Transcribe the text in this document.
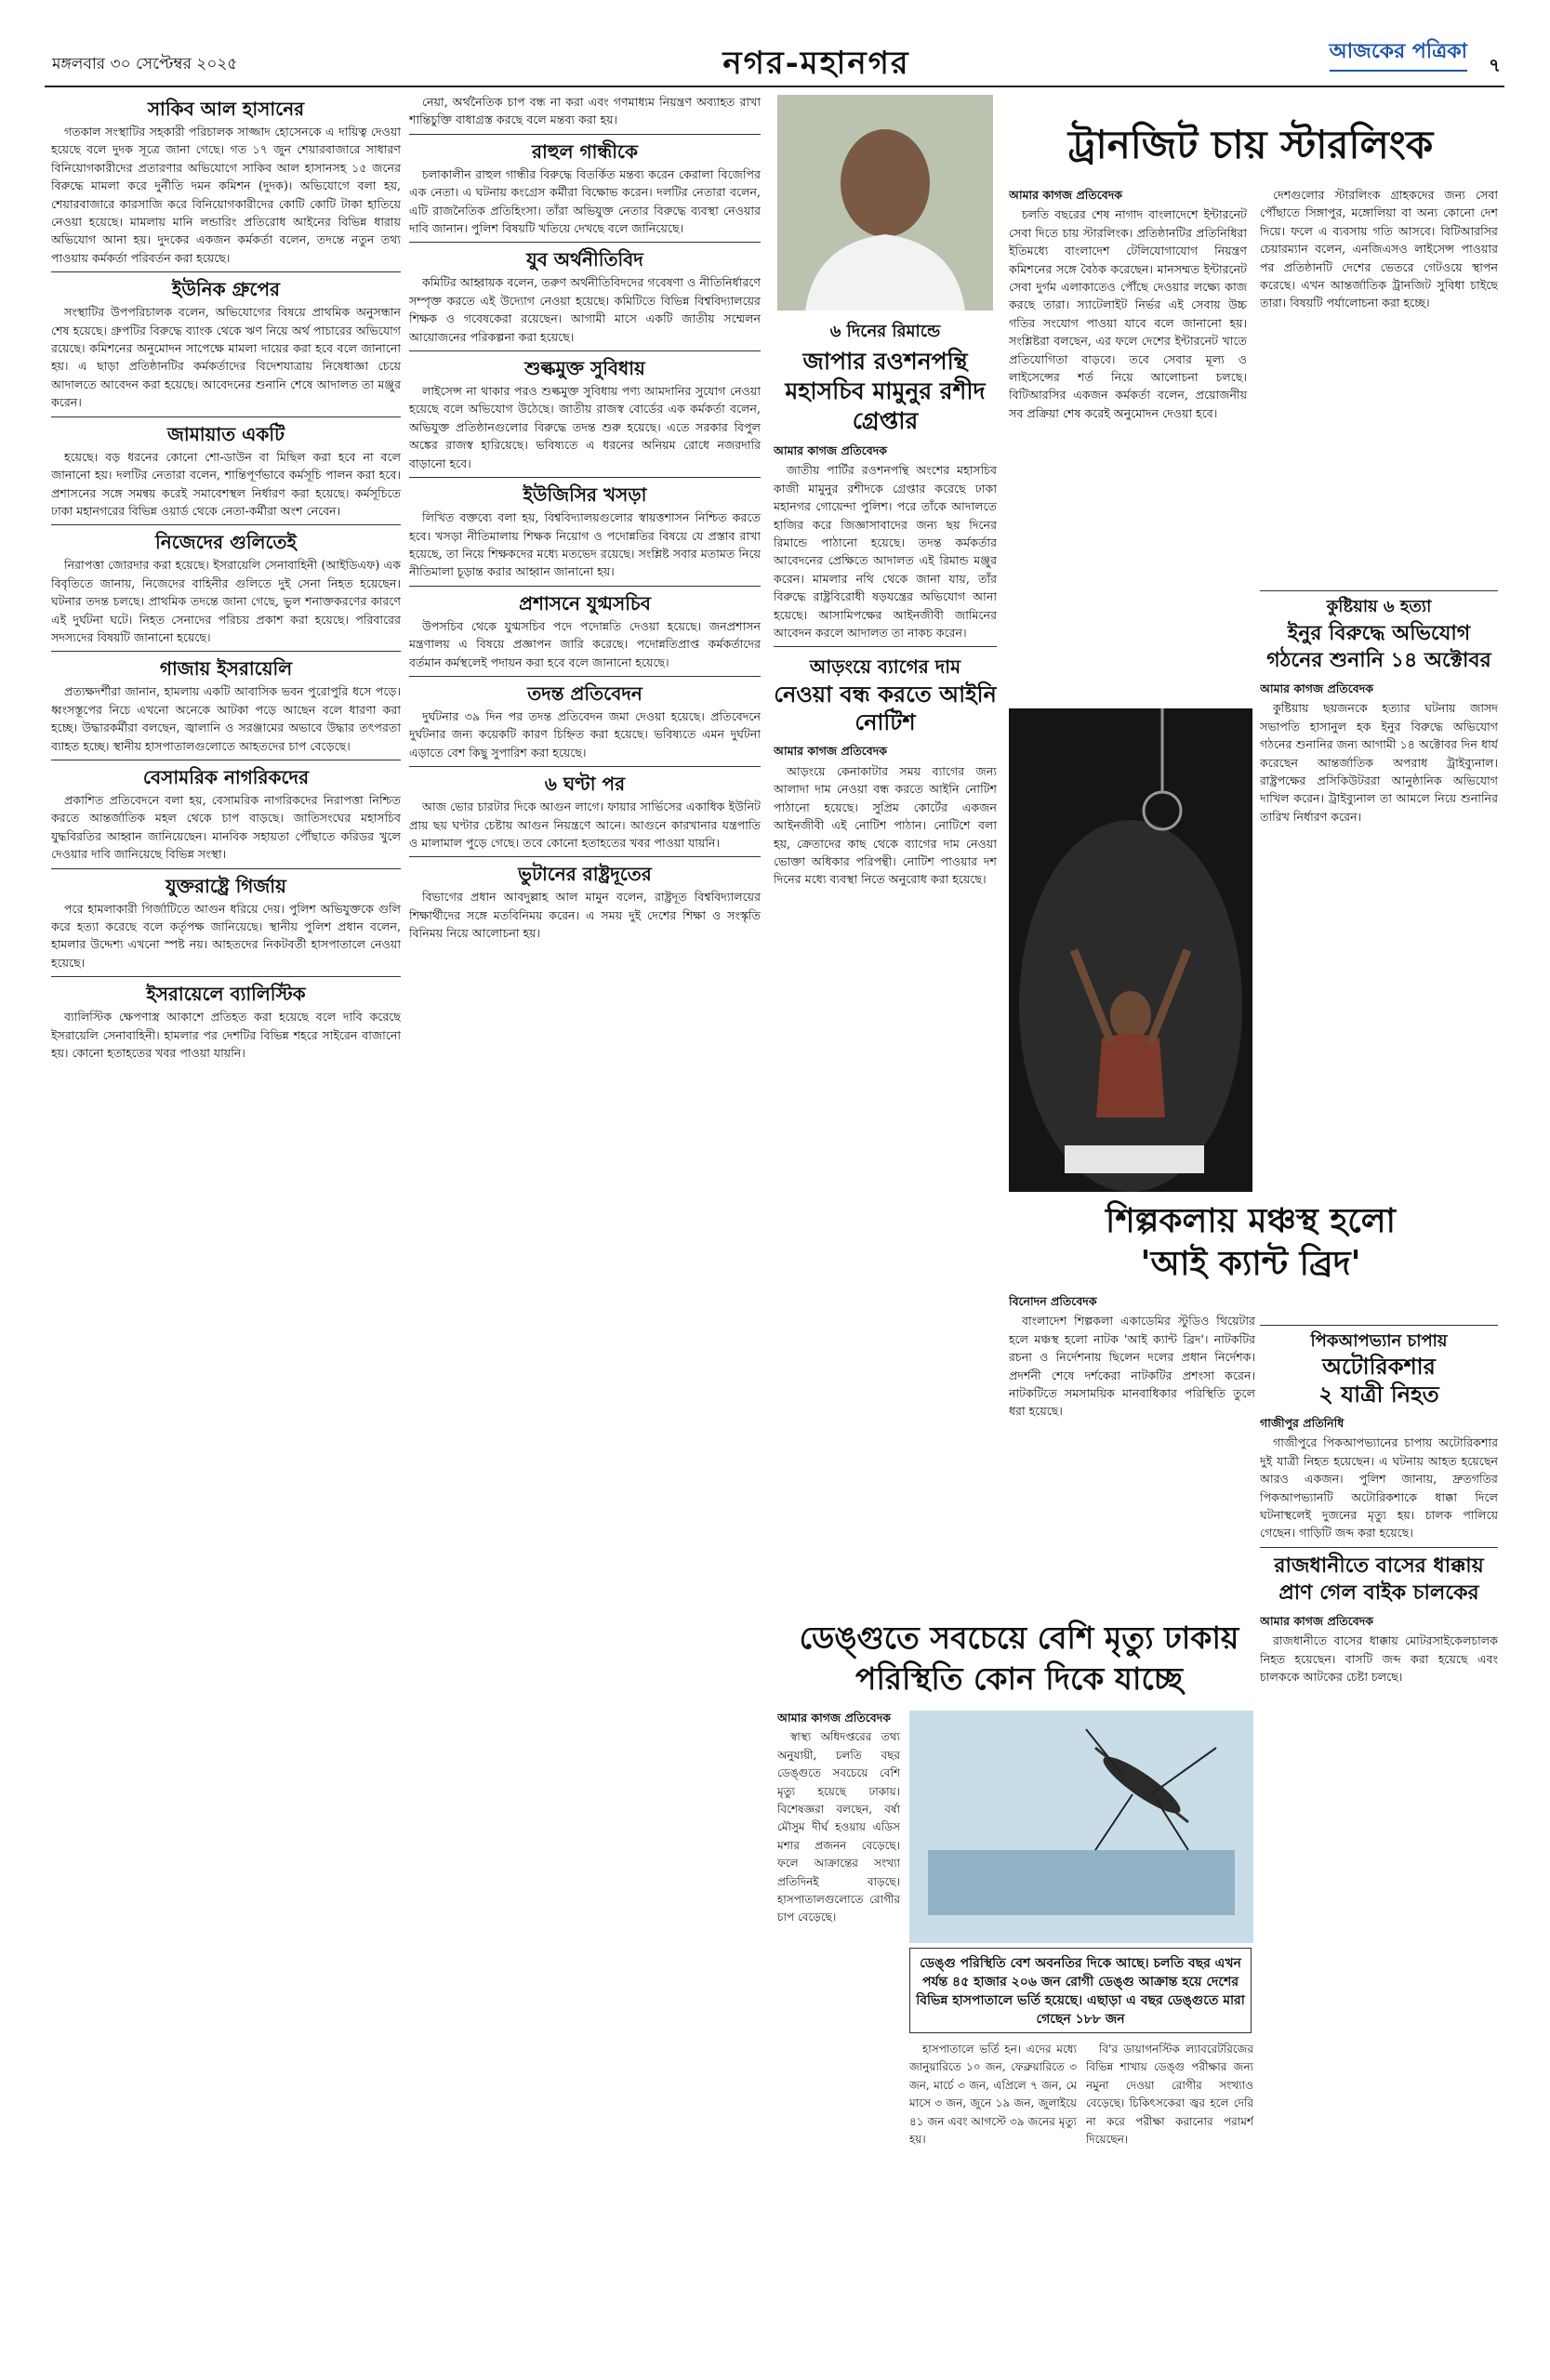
মঙ্গলবার ৩০ সেপ্টেম্বর ২০২৫	নগর-মহানগর	আজকের পত্রিকা
৭
সাকিব আল হাসানের

গতকাল সংস্থাটির সহকারী পরিচালক সাজ্জাদ হোসেনকে এ দায়িত্ব দেওয়া হয়েছে বলে দুদক সূত্রে জানা গেছে। গত ১৭ জুন শেয়ারবাজারে সাধারণ বিনিয়োগকারীদের প্রতারণার অভিযোগে সাকিব আল হাসানসহ ১৫ জনের বিরুদ্ধে মামলা করে দুর্নীতি দমন কমিশন (দুদক)। অভিযোগে বলা হয়, শেয়ারবাজারে কারসাজি করে বিনিয়োগকারীদের কোটি কোটি টাকা হাতিয়ে নেওয়া হয়েছে। মামলায় মানি লন্ডারিং প্রতিরোধ আইনের বিভিন্ন ধারায় অভিযোগ আনা হয়। দুদকের একজন কর্মকর্তা বলেন, তদন্তে নতুন তথ্য পাওয়ায় কর্মকর্তা পরিবর্তন করা হয়েছে।

ইউনিক গ্রুপের

সংস্থাটির উপপরিচালক বলেন, অভিযোগের বিষয়ে প্রাথমিক অনুসন্ধান শেষ হয়েছে। গ্রুপটির বিরুদ্ধে ব্যাংক থেকে ঋণ নিয়ে অর্থ পাচারের অভিযোগ রয়েছে। কমিশনের অনুমোদন সাপেক্ষে মামলা দায়ের করা হবে বলে জানানো হয়। এ ছাড়া প্রতিষ্ঠানটির কর্মকর্তাদের বিদেশযাত্রায় নিষেধাজ্ঞা চেয়ে আদালতে আবেদন করা হয়েছে। আবেদনের শুনানি শেষে আদালত তা মঞ্জুর করেন।

জামায়াত একটি

হয়েছে। বড় ধরনের কোনো শো-ডাউন বা মিছিল করা হবে না বলে জানানো হয়। দলটির নেতারা বলেন, শান্তিপূর্ণভাবে কর্মসূচি পালন করা হবে। প্রশাসনের সঙ্গে সমন্বয় করেই সমাবেশস্থল নির্ধারণ করা হয়েছে। কর্মসূচিতে ঢাকা মহানগরের বিভিন্ন ওয়ার্ড থেকে নেতা-কর্মীরা অংশ নেবেন।

নিজেদের গুলিতেই

নিরাপত্তা জোরদার করা হয়েছে। ইসরায়েলি সেনাবাহিনী (আইডিএফ) এক বিবৃতিতে জানায়, নিজেদের বাহিনীর গুলিতে দুই সেনা নিহত হয়েছেন। ঘটনার তদন্ত চলছে। প্রাথমিক তদন্তে জানা গেছে, ভুল শনাক্তকরণের কারণে এই দুর্ঘটনা ঘটে। নিহত সেনাদের পরিচয় প্রকাশ করা হয়েছে। পরিবারের সদস্যদের বিষয়টি জানানো হয়েছে।

গাজায় ইসরায়েলি

প্রত্যক্ষদর্শীরা জানান, হামলায় একটি আবাসিক ভবন পুরোপুরি ধসে পড়ে। ধ্বংসস্তূপের নিচে এখনো অনেকে আটকা পড়ে আছেন বলে ধারণা করা হচ্ছে। উদ্ধারকর্মীরা বলছেন, জ্বালানি ও সরঞ্জামের অভাবে উদ্ধার তৎপরতা ব্যাহত হচ্ছে। স্থানীয় হাসপাতালগুলোতে আহতদের চাপ বেড়েছে।

বেসামরিক নাগরিকদের

প্রকাশিত প্রতিবেদনে বলা হয়, বেসামরিক নাগরিকদের নিরাপত্তা নিশ্চিত করতে আন্তর্জাতিক মহল থেকে চাপ বাড়ছে। জাতিসংঘের মহাসচিব যুদ্ধবিরতির আহ্বান জানিয়েছেন। মানবিক সহায়তা পৌঁছাতে করিডর খুলে দেওয়ার দাবি জানিয়েছে বিভিন্ন সংস্থা।

যুক্তরাষ্ট্রে গির্জায়

পরে হামলাকারী গির্জাটিতে আগুন ধরিয়ে দেয়। পুলিশ অভিযুক্তকে গুলি করে হত্যা করেছে বলে কর্তৃপক্ষ জানিয়েছে। স্থানীয় পুলিশ প্রধান বলেন, হামলার উদ্দেশ্য এখনো স্পষ্ট নয়। আহতদের নিকটবর্তী হাসপাতালে নেওয়া হয়েছে।

ইসরায়েলে ব্যালিস্টিক

ব্যালিস্টিক ক্ষেপণাস্ত্র আকাশে প্রতিহত করা হয়েছে বলে দাবি করেছে ইসরায়েলি সেনাবাহিনী। হামলার পর দেশটির বিভিন্ন শহরে সাইরেন বাজানো হয়। কোনো হতাহতের খবর পাওয়া যায়নি।

নেয়া, অর্থনৈতিক চাপ বন্ধ না করা এবং গণমাধ্যম নিয়ন্ত্রণ অব্যাহত রাখা শান্তিচুক্তি বাধাগ্রস্ত করছে বলে মন্তব্য করা হয়।

রাহুল গান্ধীকে

চলাকালীন রাহুল গান্ধীর বিরুদ্ধে বিতর্কিত মন্তব্য করেন কেরালা বিজেপির এক নেতা। এ ঘটনায় কংগ্রেস কর্মীরা বিক্ষোভ করেন। দলটির নেতারা বলেন, এটি রাজনৈতিক প্রতিহিংসা। তাঁরা অভিযুক্ত নেতার বিরুদ্ধে ব্যবস্থা নেওয়ার দাবি জানান। পুলিশ বিষয়টি খতিয়ে দেখছে বলে জানিয়েছে।

যুব অর্থনীতিবিদ

কমিটির আহ্বায়ক বলেন, তরুণ অর্থনীতিবিদদের গবেষণা ও নীতিনির্ধারণে সম্পৃক্ত করতে এই উদ্যোগ নেওয়া হয়েছে। কমিটিতে বিভিন্ন বিশ্ববিদ্যালয়ের শিক্ষক ও গবেষকেরা রয়েছেন। আগামী মাসে একটি জাতীয় সম্মেলন আয়োজনের পরিকল্পনা করা হয়েছে।

শুল্কমুক্ত সুবিধায়

লাইসেন্স না থাকার পরও শুল্কমুক্ত সুবিধায় পণ্য আমদানির সুযোগ নেওয়া হয়েছে বলে অভিযোগ উঠেছে। জাতীয় রাজস্ব বোর্ডের এক কর্মকর্তা বলেন, অভিযুক্ত প্রতিষ্ঠানগুলোর বিরুদ্ধে তদন্ত শুরু হয়েছে। এতে সরকার বিপুল অঙ্কের রাজস্ব হারিয়েছে। ভবিষ্যতে এ ধরনের অনিয়ম রোধে নজরদারি বাড়ানো হবে।

ইউজিসির খসড়া

লিখিত বক্তব্যে বলা হয়, বিশ্ববিদ্যালয়গুলোর স্বায়ত্তশাসন নিশ্চিত করতে হবে। খসড়া নীতিমালায় শিক্ষক নিয়োগ ও পদোন্নতির বিষয়ে যে প্রস্তাব রাখা হয়েছে, তা নিয়ে শিক্ষকদের মধ্যে মতভেদ রয়েছে। সংশ্লিষ্ট সবার মতামত নিয়ে নীতিমালা চূড়ান্ত করার আহ্বান জানানো হয়।

প্রশাসনে যুগ্মসচিব

উপসচিব থেকে যুগ্মসচিব পদে পদোন্নতি দেওয়া হয়েছে। জনপ্রশাসন মন্ত্রণালয় এ বিষয়ে প্রজ্ঞাপন জারি করেছে। পদোন্নতিপ্রাপ্ত কর্মকর্তাদের বর্তমান কর্মস্থলেই পদায়ন করা হবে বলে জানানো হয়েছে।

তদন্ত প্রতিবেদন

দুর্ঘটনার ৩৯ দিন পর তদন্ত প্রতিবেদন জমা দেওয়া হয়েছে। প্রতিবেদনে দুর্ঘটনার জন্য কয়েকটি কারণ চিহ্নিত করা হয়েছে। ভবিষ্যতে এমন দুর্ঘটনা এড়াতে বেশ কিছু সুপারিশ করা হয়েছে।

৬ ঘণ্টা পর

আজ ভোর চারটার দিকে আগুন লাগে। ফায়ার সার্ভিসের একাধিক ইউনিট প্রায় ছয় ঘণ্টার চেষ্টায় আগুন নিয়ন্ত্রণে আনে। আগুনে কারখানার যন্ত্রপাতি ও মালামাল পুড়ে গেছে। তবে কোনো হতাহতের খবর পাওয়া যায়নি।

ভুটানের রাষ্ট্রদূতের

বিভাগের প্রধান আবদুল্লাহ আল মামুন বলেন, রাষ্ট্রদূত বিশ্ববিদ্যালয়ের শিক্ষার্থীদের সঙ্গে মতবিনিময় করেন। এ সময় দুই দেশের শিক্ষা ও সংস্কৃতি বিনিময় নিয়ে আলোচনা হয়।

৬ দিনের রিমান্ডে
জাপার রওশনপন্থি মহাসচিব মামুনুর রশীদ গ্রেপ্তার

আমার কাগজ প্রতিবেদক

জাতীয় পার্টির রওশনপন্থি অংশের মহাসচিব কাজী মামুনুর রশীদকে গ্রেপ্তার করেছে ঢাকা মহানগর গোয়েন্দা পুলিশ। পরে তাঁকে আদালতে হাজির করে জিজ্ঞাসাবাদের জন্য ছয় দিনের রিমান্ডে পাঠানো হয়েছে। তদন্ত কর্মকর্তার আবেদনের প্রেক্ষিতে আদালত এই রিমান্ড মঞ্জুর করেন। মামলার নথি থেকে জানা যায়, তাঁর বিরুদ্ধে রাষ্ট্রবিরোধী ষড়যন্ত্রের অভিযোগ আনা হয়েছে। আসামিপক্ষের আইনজীবী জামিনের আবেদন করলে আদালত তা নাকচ করেন।

আড়ংয়ে ব্যাগের দাম
নেওয়া বন্ধ করতে আইনি নোটিশ

আমার কাগজ প্রতিবেদক

আড়ংয়ে কেনাকাটার সময় ব্যাগের জন্য আলাদা দাম নেওয়া বন্ধ করতে আইনি নোটিশ পাঠানো হয়েছে। সুপ্রিম কোর্টের একজন আইনজীবী এই নোটিশ পাঠান। নোটিশে বলা হয়, ক্রেতাদের কাছ থেকে ব্যাগের দাম নেওয়া ভোক্তা অধিকার পরিপন্থী। নোটিশ পাওয়ার দশ দিনের মধ্যে ব্যবস্থা নিতে অনুরোধ করা হয়েছে।

ট্রানজিট চায় স্টারলিংক

আমার কাগজ প্রতিবেদক

চলতি বছরের শেষ নাগাদ বাংলাদেশে ইন্টারনেট সেবা দিতে চায় স্টারলিংক। প্রতিষ্ঠানটির প্রতিনিধিরা ইতিমধ্যে বাংলাদেশ টেলিযোগাযোগ নিয়ন্ত্রণ কমিশনের সঙ্গে বৈঠক করেছেন। মানসম্মত ইন্টারনেট সেবা দুর্গম এলাকাতেও পৌঁছে দেওয়ার লক্ষ্যে কাজ করছে তারা। স্যাটেলাইট নির্ভর এই সেবায় উচ্চ গতির সংযোগ পাওয়া যাবে বলে জানানো হয়। সংশ্লিষ্টরা বলছেন, এর ফলে দেশের ইন্টারনেট খাতে প্রতিযোগিতা বাড়বে। তবে সেবার মূল্য ও লাইসেন্সের শর্ত নিয়ে আলোচনা চলছে। বিটিআরসির একজন কর্মকর্তা বলেন, প্রয়োজনীয় সব প্রক্রিয়া শেষ করেই অনুমোদন দেওয়া হবে।

দেশগুলোর স্টারলিংক গ্রাহকদের জন্য সেবা পৌঁছাতে সিঙ্গাপুর, মঙ্গোলিয়া বা অন্য কোনো দেশ দিয়ে। ফলে এ ব্যবসায় গতি আসবে। বিটিআরসির চেয়ারম্যান বলেন, এনজিএসও লাইসেন্স পাওয়ার পর প্রতিষ্ঠানটি দেশের ভেতরে গেটওয়ে স্থাপন করেছে। এখন আন্তর্জাতিক ট্রানজিট সুবিধা চাইছে তারা। বিষয়টি পর্যালোচনা করা হচ্ছে।

কুষ্টিয়ায় ৬ হত্যা
ইনুর বিরুদ্ধে অভিযোগ গঠনের শুনানি ১৪ অক্টোবর

আমার কাগজ প্রতিবেদক

কুষ্টিয়ায় ছয়জনকে হত্যার ঘটনায় জাসদ সভাপতি হাসানুল হক ইনুর বিরুদ্ধে অভিযোগ গঠনের শুনানির জন্য আগামী ১৪ অক্টোবর দিন ধার্য করেছেন আন্তর্জাতিক অপরাধ ট্রাইব্যুনাল। রাষ্ট্রপক্ষের প্রসিকিউটররা আনুষ্ঠানিক অভিযোগ দাখিল করেন। ট্রাইব্যুনাল তা আমলে নিয়ে শুনানির তারিখ নির্ধারণ করেন।

শিল্পকলায় মঞ্চস্থ হলো
'আই ক্যান্ট ব্রিদ'

বিনোদন প্রতিবেদক

বাংলাদেশ শিল্পকলা একাডেমির স্টুডিও থিয়েটার হলে মঞ্চস্থ হলো নাটক 'আই ক্যান্ট ব্রিদ'। নাটকটির রচনা ও নির্দেশনায় ছিলেন দলের প্রধান নির্দেশক। প্রদর্শনী শেষে দর্শকেরা নাটকটির প্রশংসা করেন। নাটকটিতে সমসাময়িক মানবাধিকার পরিস্থিতি তুলে ধরা হয়েছে।

পিকআপভ্যান চাপায়
অটোরিকশার
২ যাত্রী নিহত

গাজীপুর প্রতিনিধি

গাজীপুরে পিকআপভ্যানের চাপায় অটোরিকশার দুই যাত্রী নিহত হয়েছেন। এ ঘটনায় আহত হয়েছেন আরও একজন। পুলিশ জানায়, দ্রুতগতির পিকআপভ্যানটি অটোরিকশাকে ধাক্কা দিলে ঘটনাস্থলেই দুজনের মৃত্যু হয়। চালক পালিয়ে গেছেন। গাড়িটি জব্দ করা হয়েছে।

রাজধানীতে বাসের ধাক্কায় প্রাণ গেল বাইক চালকের

আমার কাগজ প্রতিবেদক

রাজধানীতে বাসের ধাক্কায় মোটরসাইকেলচালক নিহত হয়েছেন। বাসটি জব্দ করা হয়েছে এবং চালককে আটকের চেষ্টা চলছে।

ডেঙ্গুতে সবচেয়ে বেশি মৃত্যু ঢাকায়
পরিস্থিতি কোন দিকে যাচ্ছে

আমার কাগজ প্রতিবেদক

স্বাস্থ্য অধিদপ্তরের তথ্য অনুযায়ী, চলতি বছর ডেঙ্গুতে সবচেয়ে বেশি মৃত্যু হয়েছে ঢাকায়। বিশেষজ্ঞরা বলছেন, বর্ষা মৌসুম দীর্ঘ হওয়ায় এডিস মশার প্রজনন বেড়েছে। ফলে আক্রান্তের সংখ্যা প্রতিদিনই বাড়ছে। হাসপাতালগুলোতে রোগীর চাপ বেড়েছে।

ডেঙ্গু পরিস্থিতি বেশ অবনতির দিকে আছে। চলতি বছর এখন পর্যন্ত ৪৫ হাজার ২০৬ জন রোগী ডেঙ্গু আক্রান্ত হয়ে দেশের বিভিন্ন হাসপাতালে ভর্তি হয়েছে। এছাড়া এ বছর ডেঙ্গুতে মারা গেছেন ১৮৮ জন

হাসপাতালে ভর্তি হন। এদের মধ্যে জানুয়ারিতে ১০ জন, ফেব্রুয়ারিতে ৩ জন, মার্চে ৩ জন, এপ্রিলে ৭ জন, মে মাসে ৩ জন, জুনে ১৯ জন, জুলাইয়ে ৪১ জন এবং আগস্টে ৩৯ জনের মৃত্যু হয়।

বি'র ডায়াগনস্টিক ল্যাবরেটরিজের বিভিন্ন শাখায় ডেঙ্গু পরীক্ষার জন্য নমুনা দেওয়া রোগীর সংখ্যাও বেড়েছে। চিকিৎসকেরা জ্বর হলে দেরি না করে পরীক্ষা করানোর পরামর্শ দিয়েছেন।
